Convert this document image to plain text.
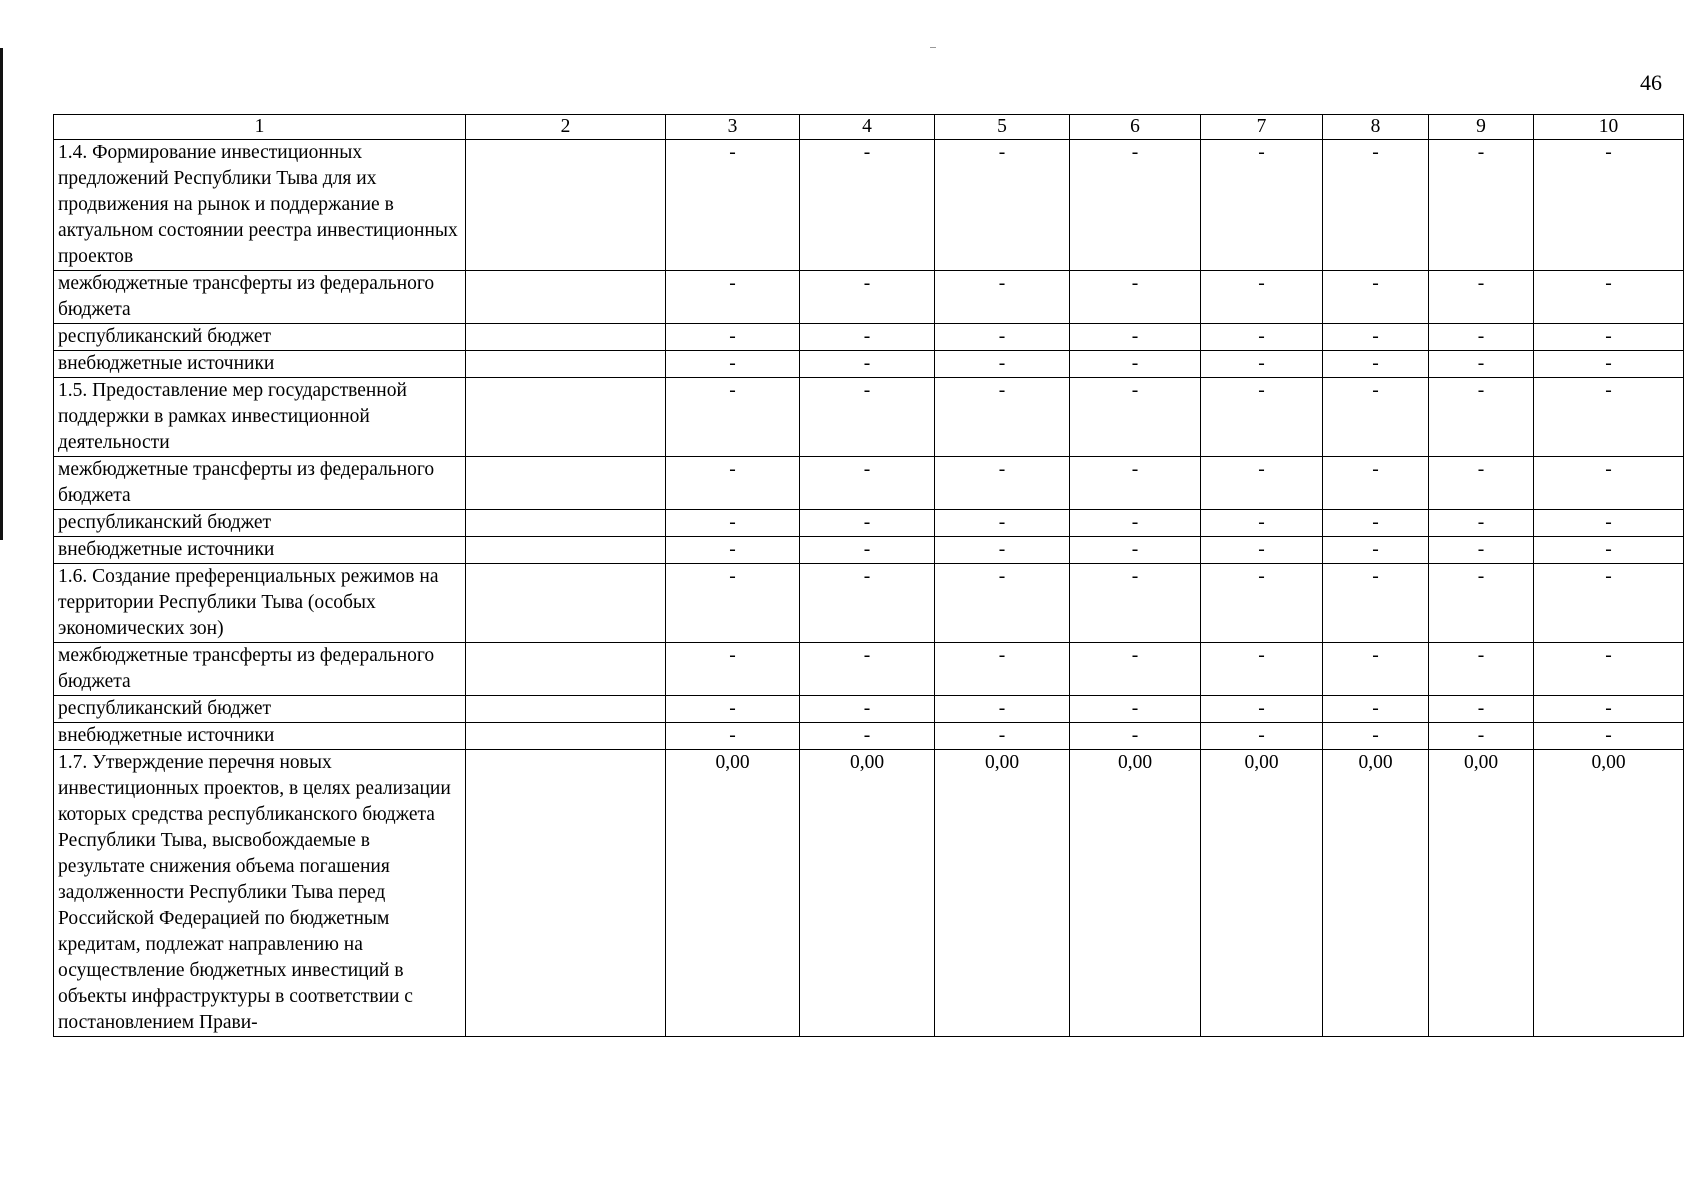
46
1	2	3	4	5	6	7	8	9	10
1.4. Формирование инвестиционных предложений Республики Тыва для их продвижения на рынок и поддержание в актуальном состоянии реестра инвестиционных проектов		-	-	-	-	-	-	-	-
межбюджетные трансферты из федерального бюджета		-	-	-	-	-	-	-	-
республиканский бюджет		-	-	-	-	-	-	-	-
внебюджетные источники		-	-	-	-	-	-	-	-
1.5. Предоставление мер государственной поддержки в рамках инвестиционной деятельности		-	-	-	-	-	-	-	-
межбюджетные трансферты из федерального бюджета		-	-	-	-	-	-	-	-
республиканский бюджет		-	-	-	-	-	-	-	-
внебюджетные источники		-	-	-	-	-	-	-	-
1.6. Создание преференциальных режимов на территории Республики Тыва (особых экономических зон)		-	-	-	-	-	-	-	-
межбюджетные трансферты из федерального бюджета		-	-	-	-	-	-	-	-
республиканский бюджет		-	-	-	-	-	-	-	-
внебюджетные источники		-	-	-	-	-	-	-	-
1.7. Утверждение перечня новых инвестиционных проектов, в целях реализации которых средства республиканского бюджета Республики Тыва, высвобождаемые в результате снижения объема погашения задолженности Республики Тыва перед Российской Федерацией по бюджетным кредитам, подлежат направлению на осуществление бюджетных инвестиций в объекты инфраструктуры в соответствии с постановлением Прави-		0,00	0,00	0,00	0,00	0,00	0,00	0,00	0,00
